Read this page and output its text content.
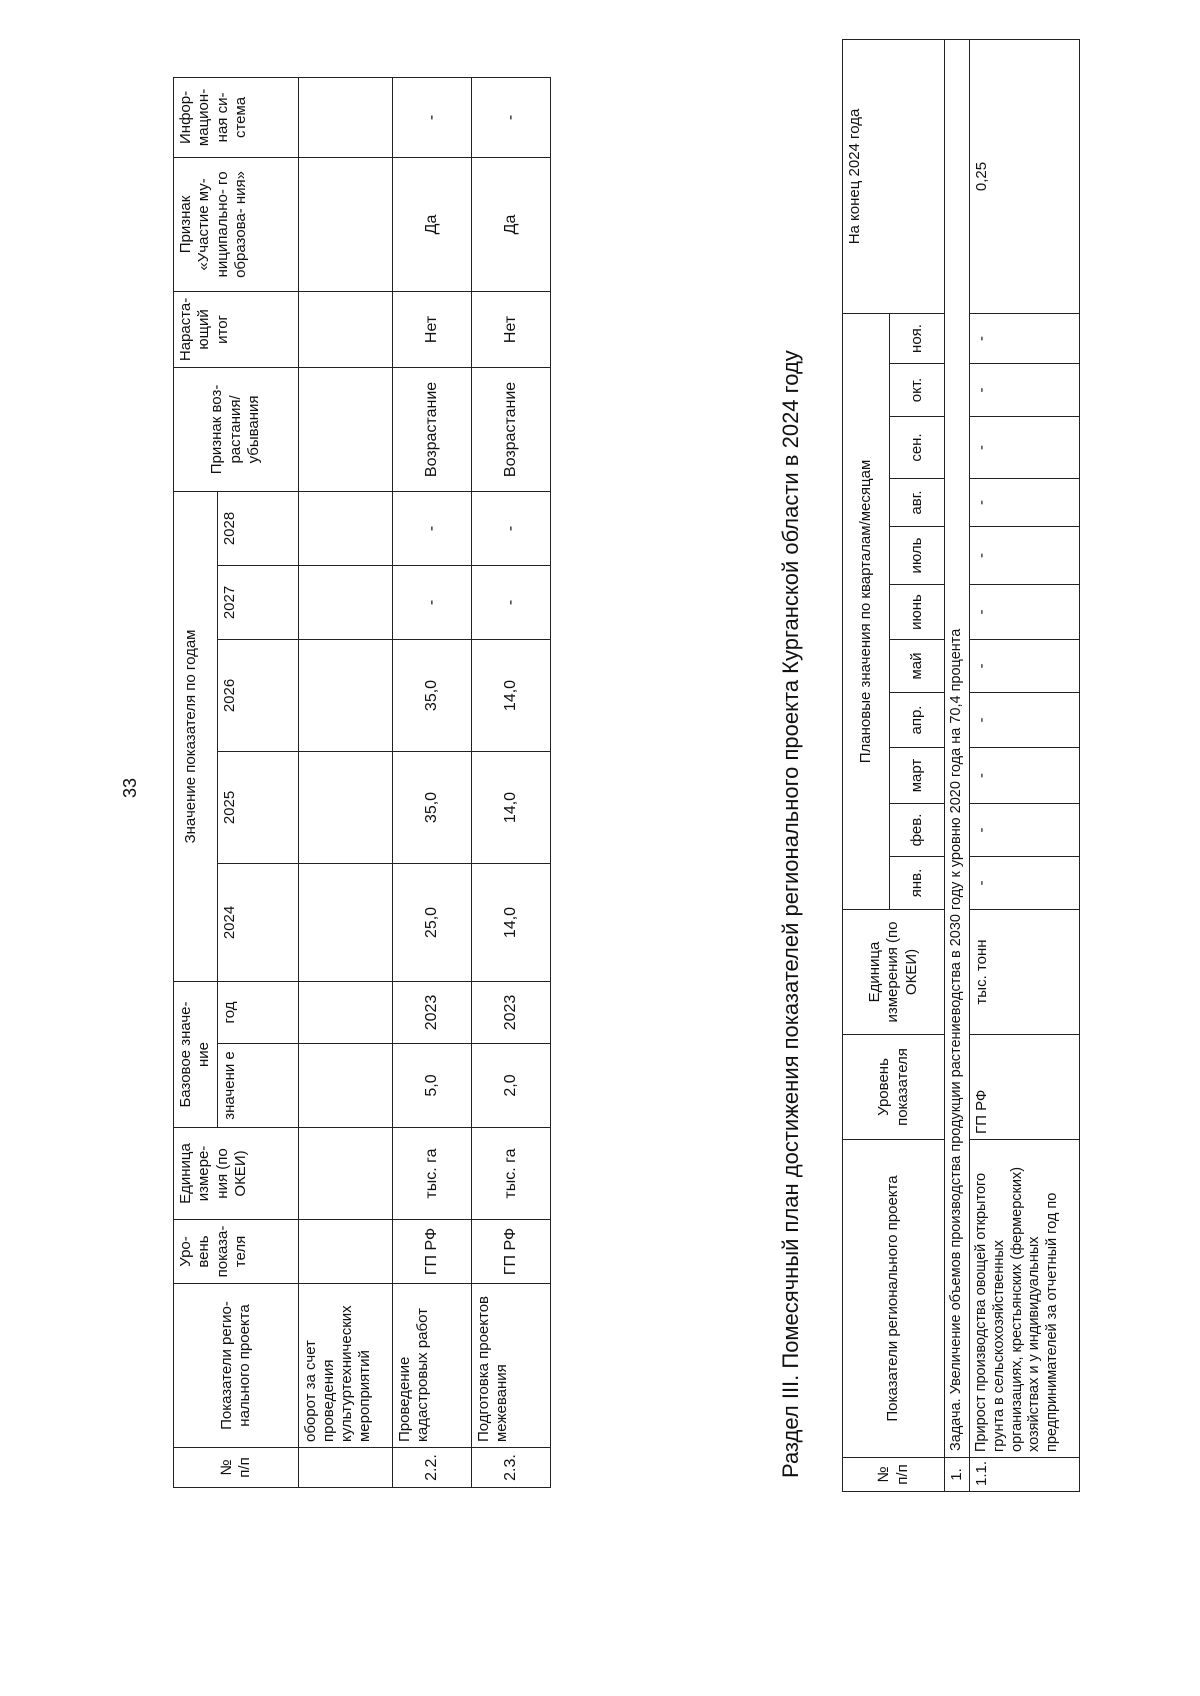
33
№ п/п	Показатели регио- нального проекта	Уро- вень показа- теля	Единица измере- ния (по ОКЕИ)	Базовое значе- ние		Значение показателя по годам					Признак воз- растания/ убывания	Нараста- ющий итог	Признак «Участие му- ниципально- го образова- ния»	Инфор- мацион- ная си- стема
				значени е	год	2024	2025	2026	2027	2028				
	оборот за счет проведения культуртехнических мероприятий													
2.2.	Проведение кадастровых работ	ГП РФ	тыс. га	5,0	2023	25,0	35,0	35,0	-	-	Возрастание	Нет	Да	-
2.3.	Подготовка проектов межевания	ГП РФ	тыс. га	2,0	2023	14,0	14,0	14,0	-	-	Возрастание	Нет	Да	-
Раздел III. Помесячный план достижения показателей регионального проекта Курганской области в 2024 году	№ п/п	Показатели регионального проекта	Уровень показателя	Единица измерения (по ОКЕИ)	Плановые значения по кварталам/месяцам											На конец 2024 года
				янв.	фев.	март	апр.	май	июнь	июль	авг.	сен.	окт.	ноя.	
1.	Задача. Увеличение объемов производства продукции растениеводства в 2030 году к уровню 2020 года на 70,4 процента														
1.1.	Прирост производства овощей открытого грунта в сельскохозяйственных организациях, крестьянских (фермерских) хозяйствах и у индивидуальных предпринимателей за отчетный год по	ГП РФ	тыс. тонн	-	-	-	-	-	-	-	-	-	-	-	0,25
